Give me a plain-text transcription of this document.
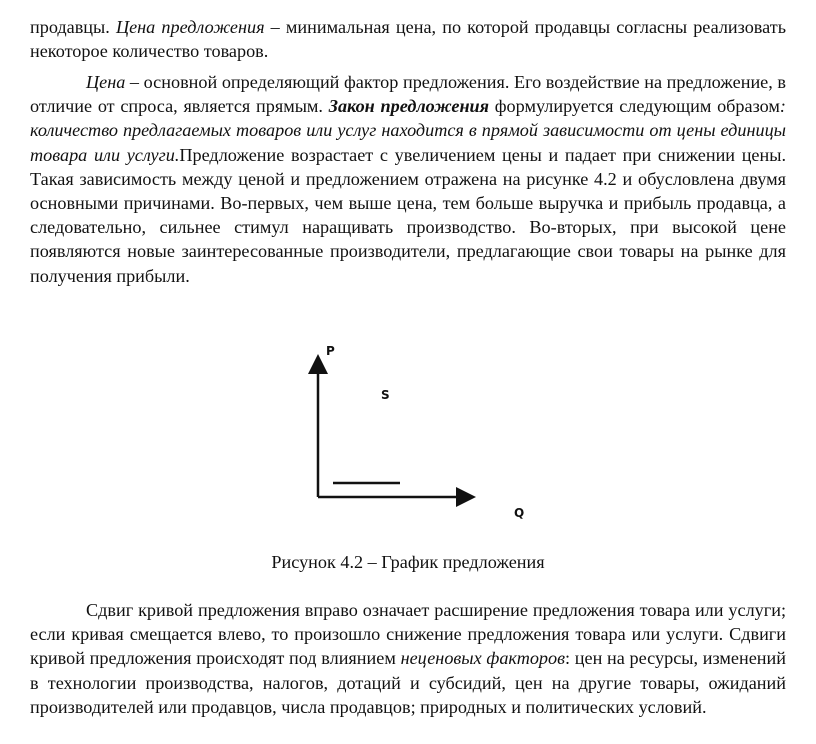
продавцы. Цена предложения – минимальная цена, по которой продавцы согласны реализовать некоторое количество товаров.

Цена – основной определяющий фактор предложения. Его воздействие на предложение, в отличие от спроса, является прямым. Закон предложения формулируется следующим образом: количество предлагаемых товаров или услуг находится в прямой зависимости от цены единицы товара или услуги.Предложение возрастает с увеличением цены и падает при снижении цены. Такая зависимость между ценой и предложением отражена на рисунке 4.2 и обусловлена двумя основными причинами. Во-первых, чем выше цена, тем больше выручка и прибыль продавца, а следовательно, сильнее стимул наращивать производство. Во-вторых, при высокой цене появляются новые заинтересованные производители, предлагающие свои товары на рынке для получения прибыли.

P
S
Q
Рисунок 4.2 – График предложения

Сдвиг кривой предложения вправо означает расширение предложения товара или услуги; если кривая смещается влево, то произошло снижение предложения товара или услуги. Сдвиги кривой предложения происходят под влиянием неценовых факторов: цен на ресурсы, изменений в технологии производства, налогов, дотаций и субсидий, цен на другие товары, ожиданий производителей или продавцов, числа продавцов; природных и политических условий.
